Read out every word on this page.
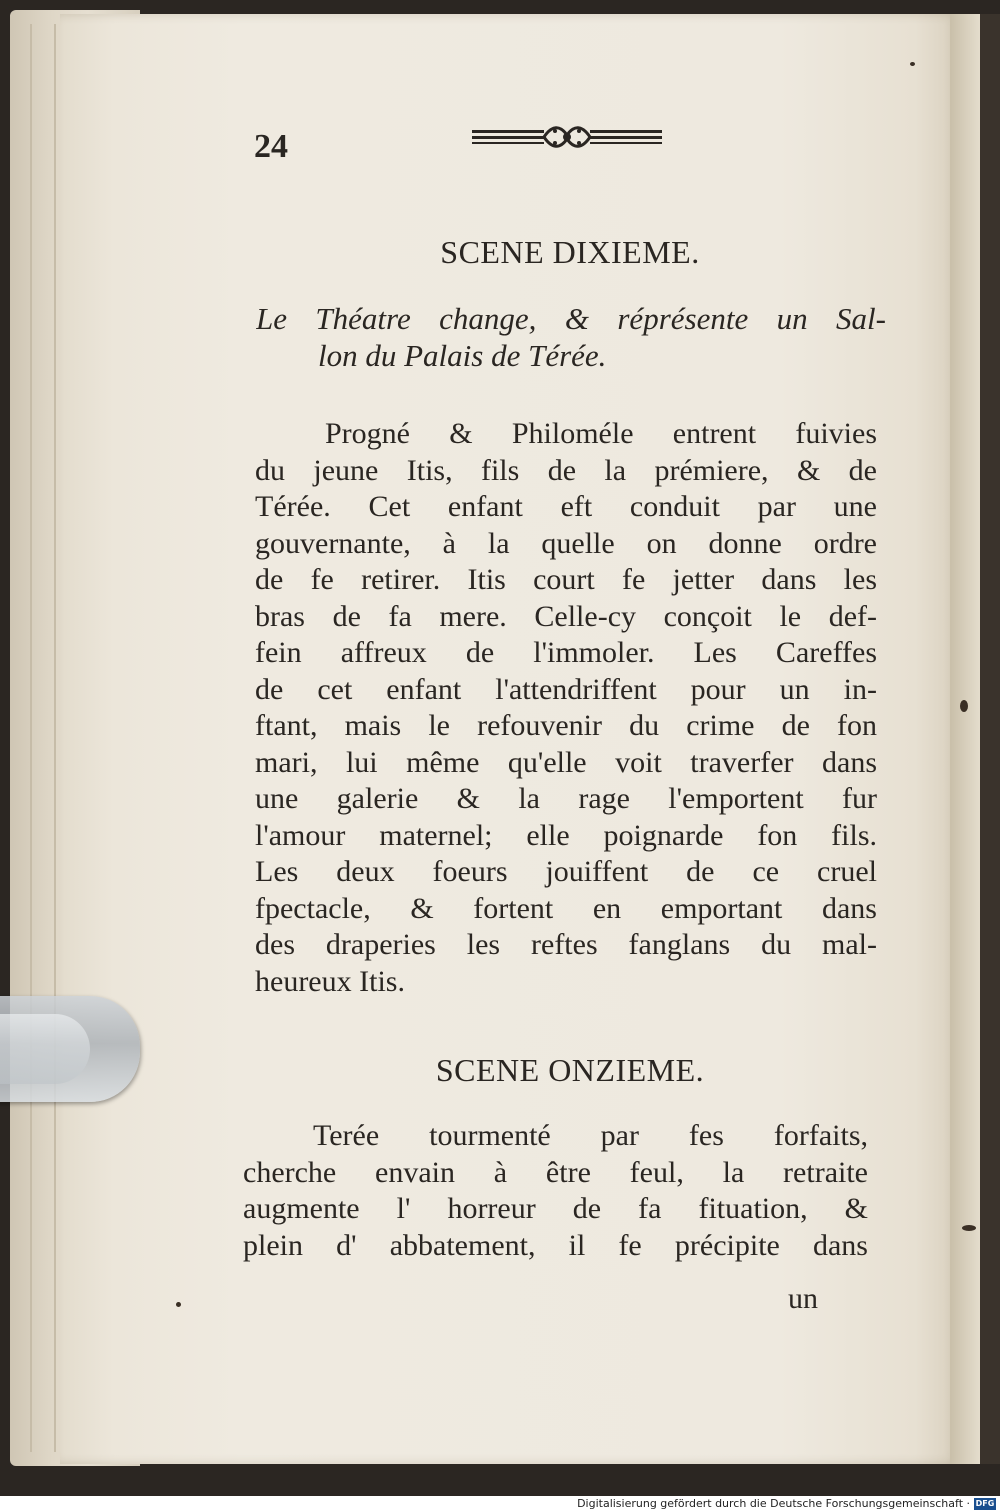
24
SCENE DIXIEME.
Le Théatre change, & réprésente un Sal-
lon du Palais de Térée.
Progné & Philoméle entrent fuivies
du jeune Itis, fils de la prémiere, & de
Térée. Cet enfant eft conduit par une
gouvernante, à la quelle on donne ordre
de fe retirer. Itis court fe jetter dans les
bras de fa mere. Celle-cy conçoit le def-
fein affreux de l'immoler. Les Careffes
de cet enfant l'attendriffent pour un in-
ftant, mais le refouvenir du crime de fon
mari, lui même qu'elle voit traverfer dans
une galerie & la rage l'emportent fur
l'amour maternel; elle poignarde fon fils.
Les deux foeurs jouiffent de ce cruel
fpectacle, & fortent en emportant dans
des draperies les reftes fanglans du mal-
heureux Itis.
SCENE ONZIEME.
Terée tourmenté par fes forfaits,
cherche envain à être feul, la retraite
augmente l' horreur de fa fituation, &
plein d' abbatement, il fe précipite dans
un
Digitalisierung gefördert durch die Deutsche Forschungsgemeinschaft · DFG
